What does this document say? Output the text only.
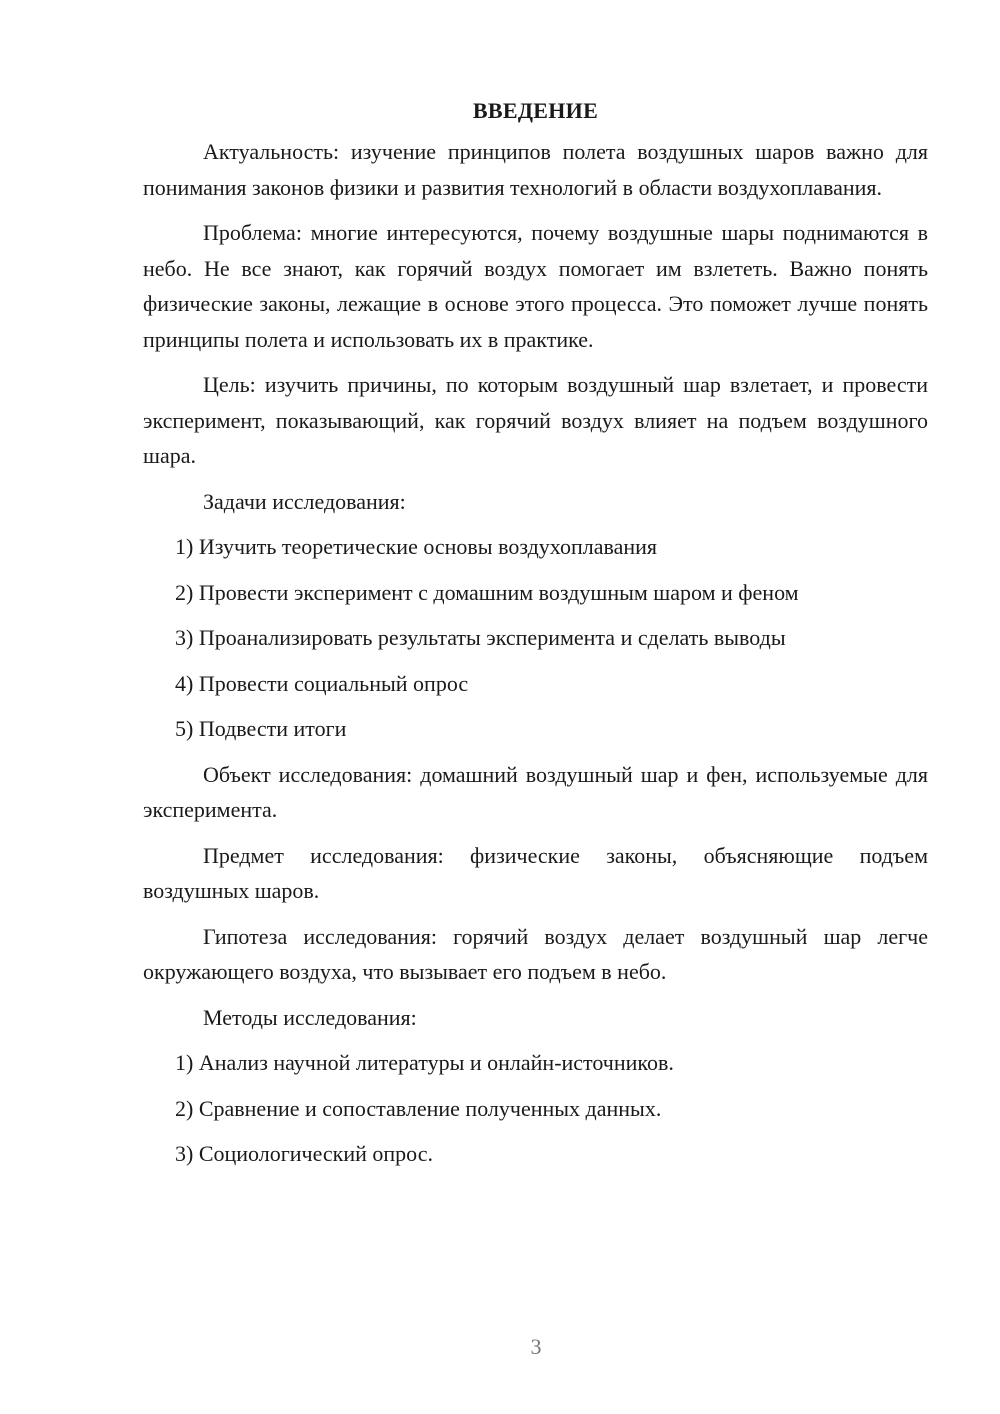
ВВЕДЕНИЕ

Актуальность: изучение принципов полета воздушных шаров важно для понимания законов физики и развития технологий в области воздухоплавания.

Проблема: многие интересуются, почему воздушные шары поднимаются в небо. Не все знают, как горячий воздух помогает им взлететь. Важно понять физические законы, лежащие в основе этого процесса. Это поможет лучше понять принципы полета и использовать их в практике.

Цель: изучить причины, по которым воздушный шар взлетает, и провести эксперимент, показывающий, как горячий воздух влияет на подъем воздушного шара.

Задачи исследования:

1) Изучить теоретические основы воздухоплавания
2) Провести эксперимент с домашним воздушным шаром и феном
3) Проанализировать результаты эксперимента и сделать выводы
4) Провести социальный опрос
5) Подвести итоги

Объект исследования: домашний воздушный шар и фен, используемые для эксперимента.

Предмет исследования: физические законы, объясняющие подъем воздушных шаров.

Гипотеза исследования: горячий воздух делает воздушный шар легче окружающего воздуха, что вызывает его подъем в небо.

Методы исследования:

1) Анализ научной литературы и онлайн-источников.
2) Сравнение и сопоставление полученных данных.
3) Социологический опрос.
3
